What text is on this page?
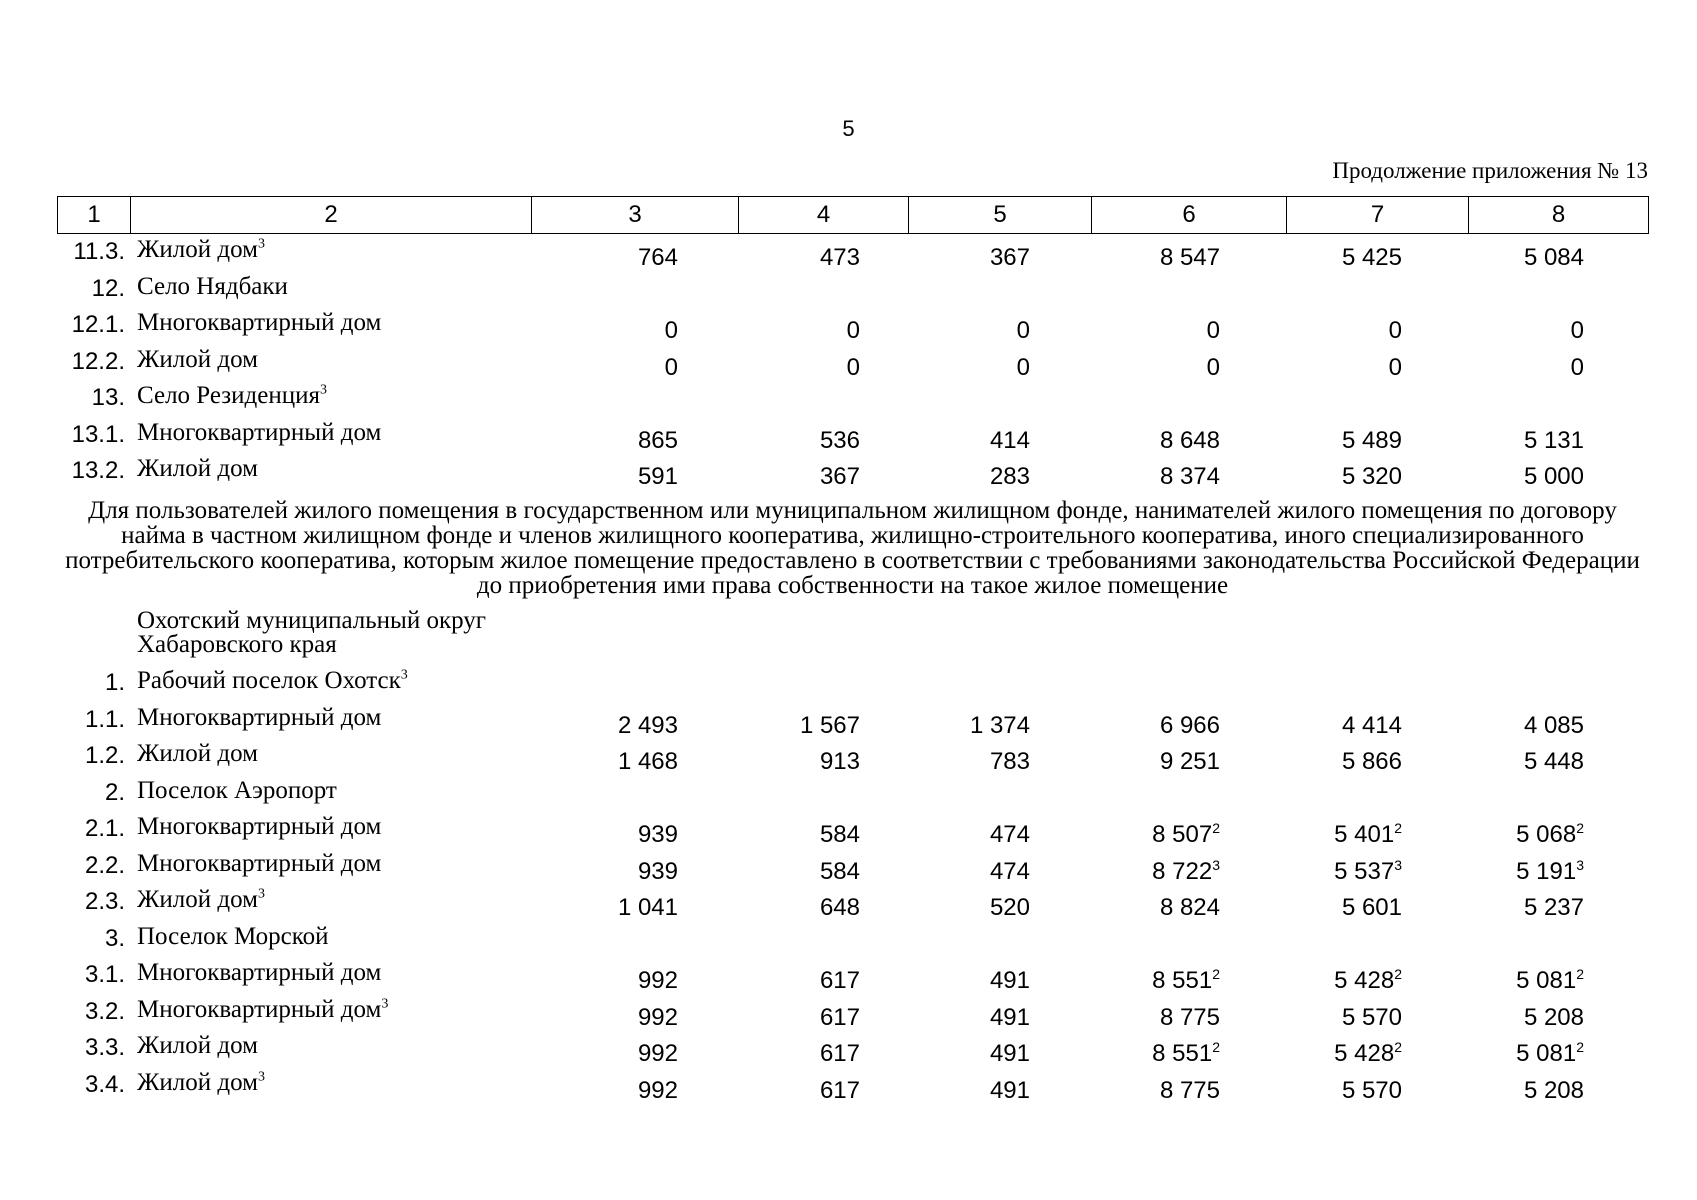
5
Продолжение приложения № 13
1	2	3	4	5	6	7	8
11.3. Жилой дом$^3$	764	473	367	8 547	5 425	5 084
12. Село Нядбаки
12.1. Многоквартирный дом	0	0	0	0	0	0
12.2. Жилой дом	0	0	0	0	0	0
13. Село Резиденция$^3$
13.1. Многоквартирный дом	865	536	414	8 648	5 489	5 131
13.2. Жилой дом	591	367	283	8 374	5 320	5 000
Для пользователей жилого помещения в государственном или муниципальном жилищном фонде, нанимателей жилого помещения по договору найма в частном жилищном фонде и членов жилищного кооператива, жилищно-строительного кооператива, иного специализированного потребительского кооператива, которым жилое помещение предоставлено в соответствии с требованиями законодательства Российской Федерации до приобретения ими права собственности на такое жилое помещение
Охотский муниципальный округ
Хабаровского края
1. Рабочий поселок Охотск$^3$
1.1. Многоквартирный дом	2 493	1 567	1 374	6 966	4 414	4 085
1.2. Жилой дом	1 468	913	783	9 251	5 866	5 448
2. Поселок Аэропорт
2.1. Многоквартирный дом	939	584	474	8 $507^2$	5 $401^2$	5 $068^2$
2.2. Многоквартирный дом	939	584	474	8 $722^3$	5 $537^3$	5 $191^3$
2.3. Жилой дом$^3$	1 041	648	520	8 824	5 601	5 237
3. Поселок Морской
3.1. Многоквартирный дом	992	617	491	8 $551^2$	5 $428^2$	5 $081^2$
3.2. Многоквартирный дом$^3$	992	617	491	8 775	5 570	5 208
3.3. Жилой дом	992	617	491	8 $551^2$	5 $428^2$	5 $081^2$
3.4. Жилой дом$^3$	992	617	491	8 775	5 570	5 208
